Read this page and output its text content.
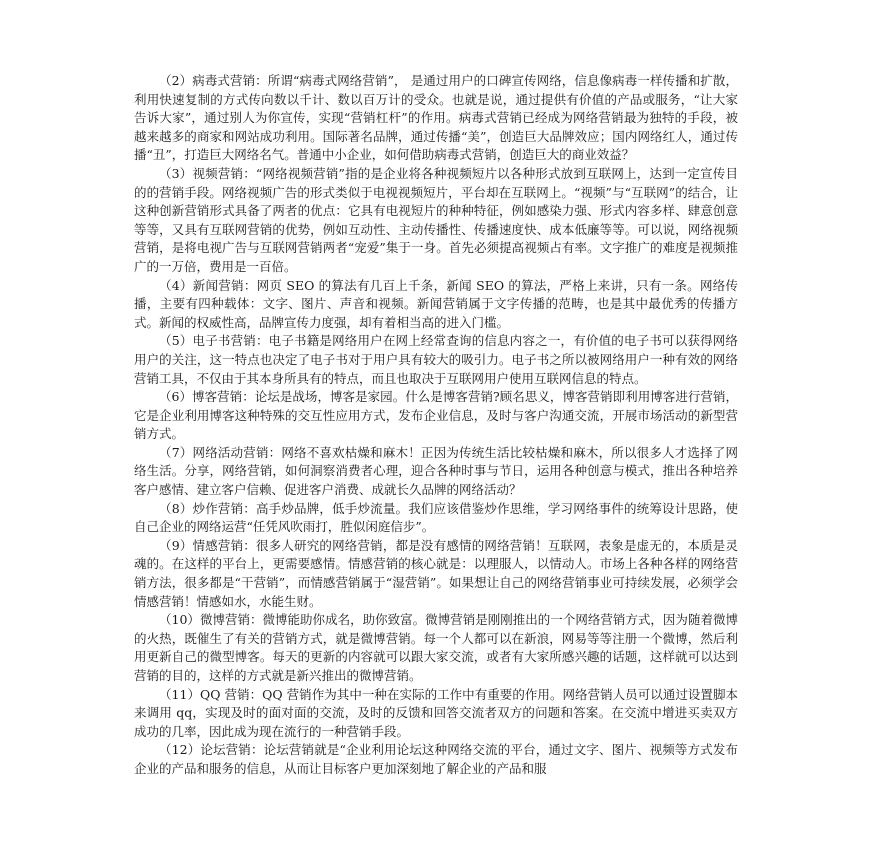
（2）病毒式营销：所谓“病毒式网络营销”， 是通过用户的口碑宣传网络，信息像病毒一样传播和扩散，利用快速复制的方式传向数以千计、数以百万计的受众。也就是说，通过提供有价值的产品或服务，“让大家告诉大家”，通过别人为你宣传，实现“营销杠杆”的作用。病毒式营销已经成为网络营销最为独特的手段，被越来越多的商家和网站成功利用。国际著名品牌，通过传播“美”，创造巨大品牌效应；国内网络红人，通过传播“丑”，打造巨大网络名气。普通中小企业，如何借助病毒式营销，创造巨大的商业效益？

（3）视频营销：“网络视频营销”指的是企业将各种视频短片以各种形式放到互联网上，达到一定宣传目的的营销手段。网络视频广告的形式类似于电视视频短片，平台却在互联网上。“视频”与“互联网”的结合，让这种创新营销形式具备了两者的优点：它具有电视短片的种种特征，例如感染力强、形式内容多样、肆意创意等等，又具有互联网营销的优势，例如互动性、主动传播性、传播速度快、成本低廉等等。可以说，网络视频营销，是将电视广告与互联网营销两者“宠爱”集于一身。首先必须提高视频占有率。文字推广的难度是视频推广的一万倍，费用是一百倍。

（4）新闻营销：网页 SEO 的算法有几百上千条，新闻 SEO 的算法，严格上来讲，只有一条。网络传播，主要有四种载体：文字、图片、声音和视频。新闻营销属于文字传播的范畴，也是其中最优秀的传播方式。新闻的权威性高，品牌宣传力度强，却有着相当高的进入门槛。

（5）电子书营销：电子书籍是网络用户在网上经常查询的信息内容之一，有价值的电子书可以获得网络用户的关注，这一特点也决定了电子书对于用户具有较大的吸引力。电子书之所以被网络用户一种有效的网络营销工具，不仅由于其本身所具有的特点，而且也取决于互联网用户使用互联网信息的特点。

（6）博客营销：论坛是战场，博客是家园。什么是博客营销?顾名思义，博客营销即利用博客进行营销，它是企业利用博客这种特殊的交互性应用方式，发布企业信息，及时与客户沟通交流，开展市场活动的新型营销方式。

（7）网络活动营销：网络不喜欢枯燥和麻木！正因为传统生活比较枯燥和麻木，所以很多人才选择了网络生活。分享，网络营销，如何洞察消费者心理，迎合各种时事与节日，运用各种创意与模式，推出各种培养客户感情、建立客户信赖、促进客户消费、成就长久品牌的网络活动？

（8）炒作营销：高手炒品牌，低手炒流量。我们应该借鉴炒作思维，学习网络事件的统筹设计思路，使自己企业的网络运营“任凭风吹雨打，胜似闲庭信步”。

（9）情感营销：很多人研究的网络营销，都是没有感情的网络营销！互联网，表象是虚无的，本质是灵魂的。在这样的平台上，更需要感情。情感营销的核心就是：以理服人，以情动人。市场上各种各样的网络营销方法，很多都是“干营销”，而情感营销属于“湿营销”。如果想让自己的网络营销事业可持续发展，必须学会情感营销！情感如水，水能生财。

（10）微博营销：微博能助你成名，助你致富。微博营销是刚刚推出的一个网络营销方式，因为随着微博的火热，既催生了有关的营销方式，就是微博营销。每一个人都可以在新浪，网易等等注册一个微博，然后利用更新自己的微型博客。每天的更新的内容就可以跟大家交流，或者有大家所感兴趣的话题，这样就可以达到营销的目的，这样的方式就是新兴推出的微博营销。

（11）QQ 营销：QQ 营销作为其中一种在实际的工作中有重要的作用。网络营销人员可以通过设置脚本来调用 qq，实现及时的面对面的交流，及时的反馈和回答交流者双方的问题和答案。在交流中增进买卖双方成功的几率，因此成为现在流行的一种营销手段。

（12）论坛营销：论坛营销就是“企业利用论坛这种网络交流的平台，通过文字、图片、视频等方式发布企业的产品和服务的信息，从而让目标客户更加深刻地了解企业的产品和服
